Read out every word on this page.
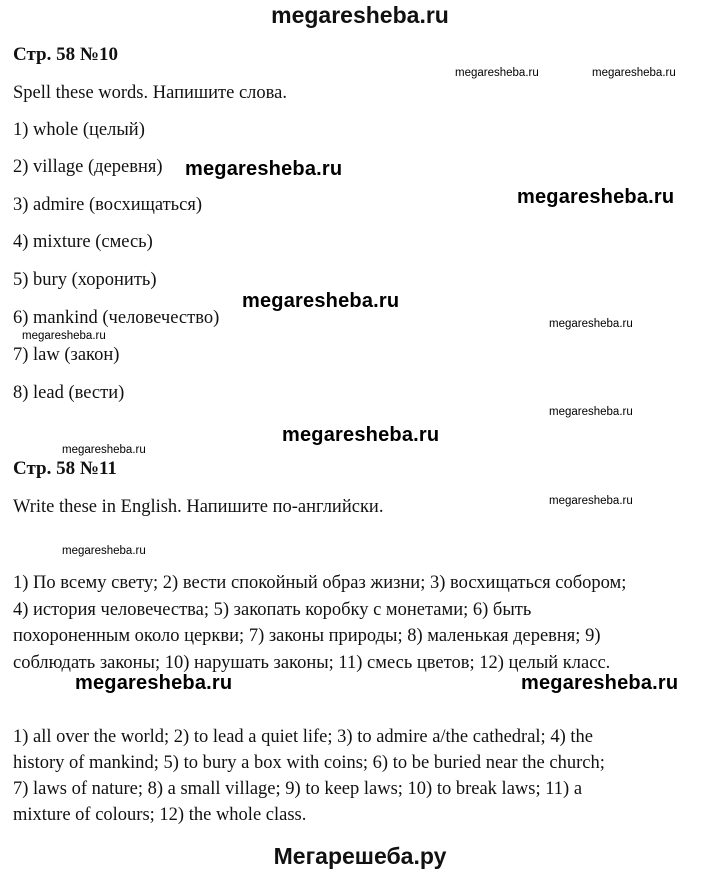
megaresheba.ru
Стр. 58 №10
megaresheba.ru	megaresheba.ru
Spell these words. Напишите слова.
1) whole (целый)
2) village (деревня) megaresheba.ru
3) admire (восхищаться)	megaresheba.ru
4) mixture (смесь)
5) bury (хоронить)
megaresheba.ru
6) mankind (человечество)	megaresheba.ru
megaresheba.ru
7) law (закон)
8) lead (вести)
megaresheba.ru
megaresheba.ru
megaresheba.ru
Стр. 58 №11
megaresheba.ru
Write these in English. Напишите по-английски.
megaresheba.ru
1) По всему свету; 2) вести спокойный образ жизни; 3) восхищаться собором;
4) история человечества; 5) закопать коробку с монетами; 6) быть
похороненным около церкви; 7) законы природы; 8) маленькая деревня; 9)
соблюдать законы; 10) нарушать законы; 11) смесь цветов; 12) целый класс.
megaresheba.ru	megaresheba.ru
1) all over the world; 2) to lead a quiet life; 3) to admire a/the cathedral; 4) the
history of mankind; 5) to bury a box with coins; 6) to be buried near the church;
7) laws of nature; 8) a small village; 9) to keep laws; 10) to break laws; 11) a
mixture of colours; 12) the whole class.
Мегарешеба.ру
